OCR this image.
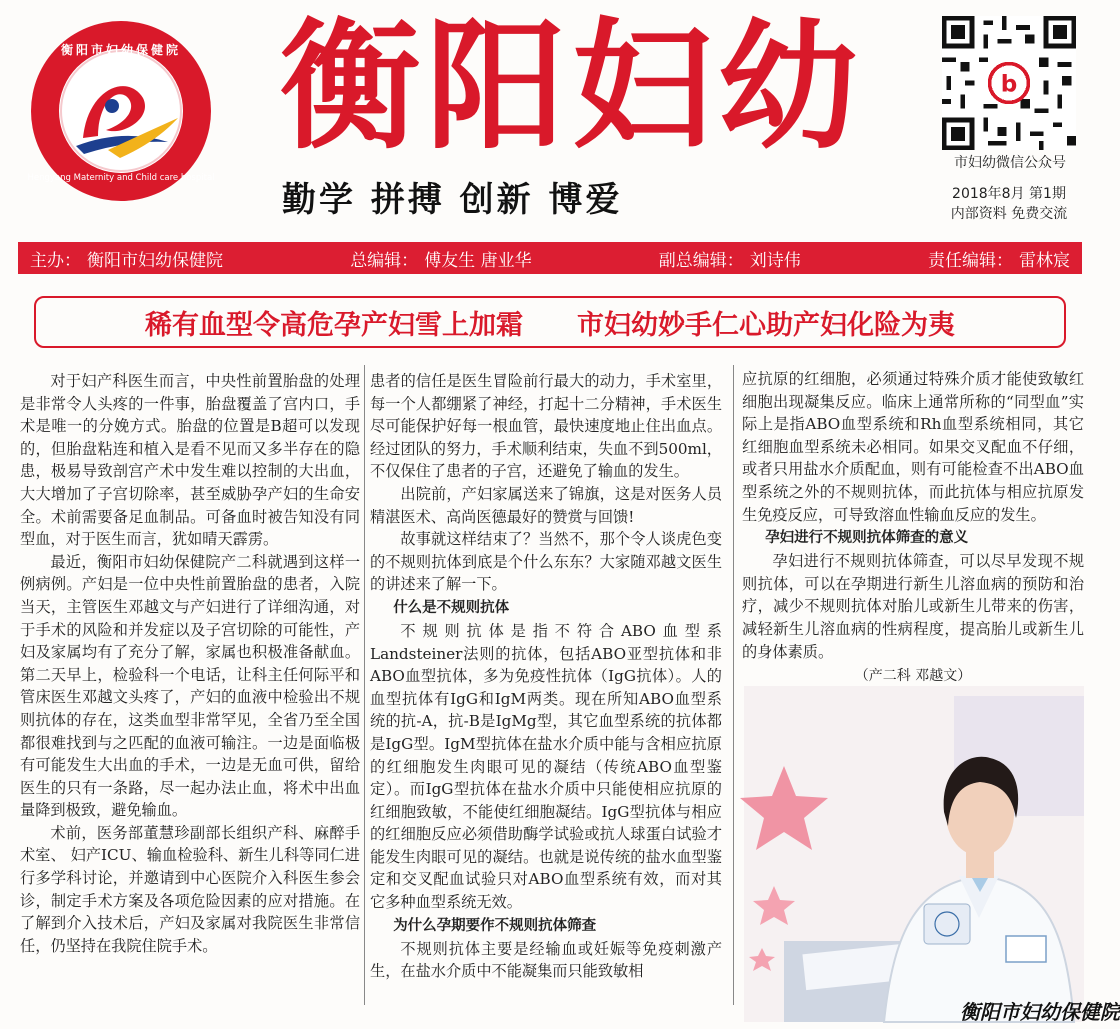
衡阳市妇幼保健院
Hengyang Maternity and Child care hospital
衡阳妇幼
勤学 拼搏 创新 博爱
b
市妇幼微信公众号
2018年8月 第1期
内部资料 免费交流
主办： 衡阳市妇幼保健院	总编辑： 傅友生 唐业华	副总编辑： 刘诗伟	责任编辑： 雷林宸
稀有血型令高危孕产妇雪上加霜 市妇幼妙手仁心助产妇化险为夷

对于妇产科医生而言，中央性前置胎盘的处理是非常令人头疼的一件事，胎盘覆盖了宫内口，手术是唯一的分娩方式。胎盘的位置是B超可以发现的，但胎盘粘连和植入是看不见而又多半存在的隐患，极易导致剖宫产术中发生难以控制的大出血，大大增加了子宫切除率，甚至威胁孕产妇的生命安全。术前需要备足血制品。可备血时被告知没有同型血，对于医生而言，犹如晴天霹雳。

最近，衡阳市妇幼保健院产二科就遇到这样一例病例。产妇是一位中央性前置胎盘的患者，入院当天，主管医生邓越文与产妇进行了详细沟通，对于手术的风险和并发症以及子宫切除的可能性，产妇及家属均有了充分了解，家属也积极准备献血。第二天早上，检验科一个电话，让科主任何际平和管床医生邓越文头疼了，产妇的血液中检验出不规则抗体的存在，这类血型非常罕见，全省乃至全国都很难找到与之匹配的血液可输注。一边是面临极有可能发生大出血的手术，一边是无血可供，留给医生的只有一条路，尽一起办法止血，将术中出血量降到极致，避免输血。

术前，医务部董慧珍副部长组织产科、麻醉手术室、 妇产ICU、输血检验科、新生儿科等同仁进行多学科讨论，并邀请到中心医院介入科医生参会诊，制定手术方案及各项危险因素的应对措施。在了解到介入技术后，产妇及家属对我院医生非常信任，仍坚持在我院住院手术。

患者的信任是医生冒险前行最大的动力，手术室里，每一个人都绷紧了神经，打起十二分精神，手术医生尽可能保护好每一根血管，最快速度地止住出血点。经过团队的努力，手术顺利结束，失血不到500ml，不仅保住了患者的子宫，还避免了输血的发生。

出院前，产妇家属送来了锦旗，这是对医务人员精湛医术、高尚医德最好的赞赏与回馈!

故事就这样结束了？当然不，那个令人谈虎色变的不规则抗体到底是个什么东东？大家随邓越文医生的讲述来了解一下。

什么是不规则抗体

不规则抗体是指不符合ABO血型系Landsteiner法则的抗体，包括ABO亚型抗体和非ABO血型抗体，多为免疫性抗体（IgG抗体）。人的血型抗体有IgG和IgM两类。现在所知ABO血型系统的抗-A，抗-B是IgMg型，其它血型系统的抗体都是IgG型。IgM型抗体在盐水介质中能与含相应抗原的红细胞发生肉眼可见的凝结（传统ABO血型鉴定）。而IgG型抗体在盐水介质中只能使相应抗原的红细胞致敏，不能使红细胞凝结。IgG型抗体与相应的红细胞反应必须借助酶学试验或抗人球蛋白试验才能发生肉眼可见的凝结。也就是说传统的盐水血型鉴定和交叉配血试验只对ABO血型系统有效，而对其它多种血型系统无效。

为什么孕期要作不规则抗体筛查

不规则抗体主要是经输血或妊娠等免疫刺激产生，在盐水介质中不能凝集而只能致敏相

应抗原的红细胞，必须通过特殊介质才能使致敏红细胞出现凝集反应。临床上通常所称的“同型血”实际上是指ABO血型系统和Rh血型系统相同，其它红细胞血型系统未必相同。如果交叉配血不仔细，或者只用盐水介质配血，则有可能检查不出ABO血型系统之外的不规则抗体，而此抗体与相应抗原发生免疫反应，可导致溶血性输血反应的发生。

孕妇进行不规则抗体筛查的意义

孕妇进行不规则抗体筛查，可以尽早发现不规则抗体，可以在孕期进行新生儿溶血病的预防和治疗，减少不规则抗体对胎儿或新生儿带来的伤害，减轻新生儿溶血病的性病程度，提高胎儿或新生儿的身体素质。

（产二科 邓越文）

衡阳市妇幼保健院
